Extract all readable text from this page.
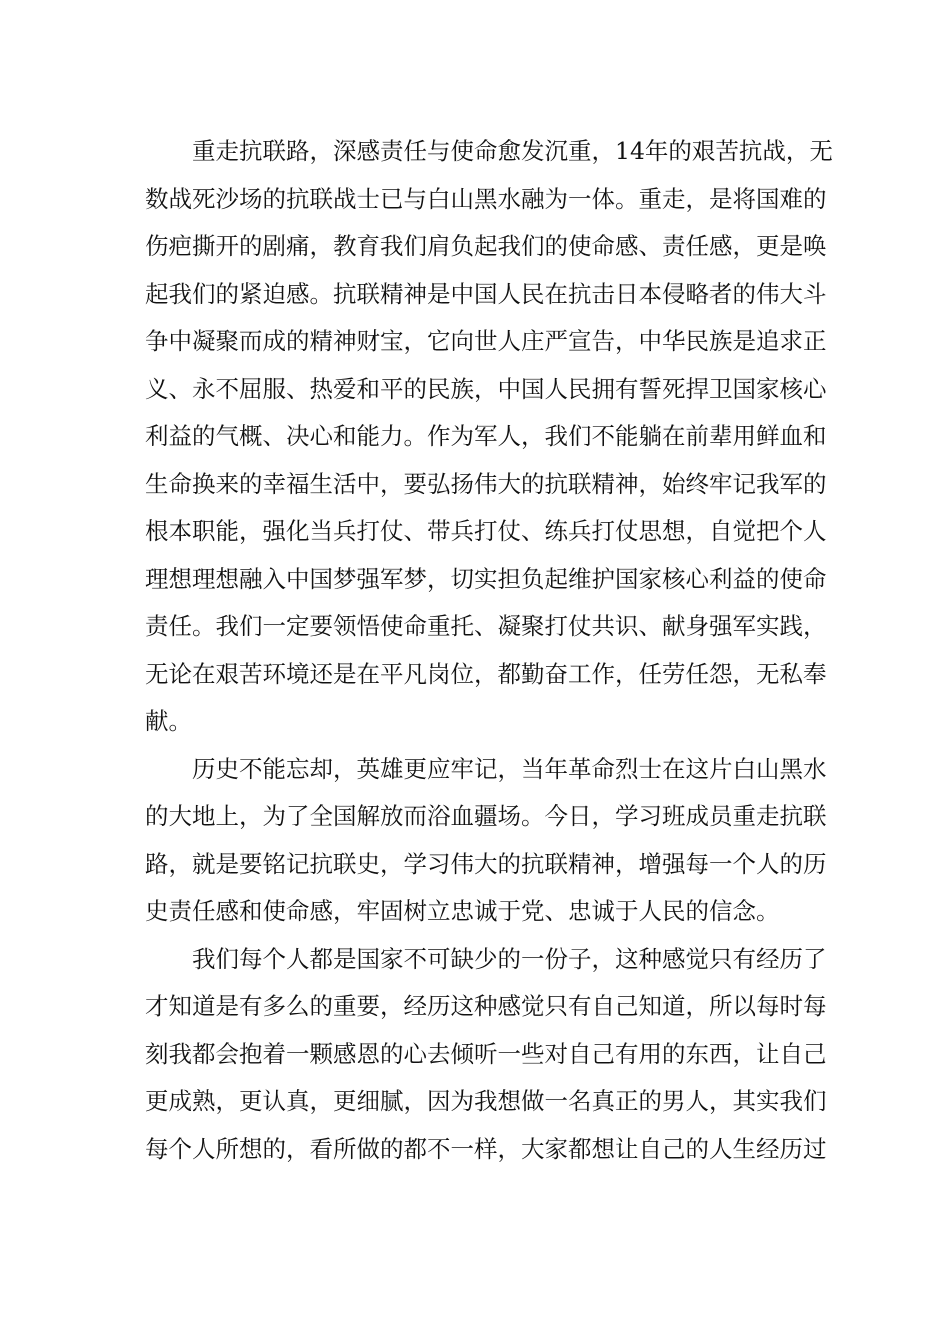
重走抗联路，深感责任与使命愈发沉重，14年的艰苦抗战，无
数战死沙场的抗联战士已与白山黑水融为一体。重走，是将国难的
伤疤撕开的剧痛，教育我们肩负起我们的使命感、责任感，更是唤
起我们的紧迫感。抗联精神是中国人民在抗击日本侵略者的伟大斗
争中凝聚而成的精神财宝，它向世人庄严宣告，中华民族是追求正
义、永不屈服、热爱和平的民族，中国人民拥有誓死捍卫国家核心
利益的气概、决心和能力。作为军人，我们不能躺在前辈用鲜血和
生命换来的幸福生活中，要弘扬伟大的抗联精神，始终牢记我军的
根本职能，强化当兵打仗、带兵打仗、练兵打仗思想，自觉把个人
理想理想融入中国梦强军梦，切实担负起维护国家核心利益的使命
责任。我们一定要领悟使命重托、凝聚打仗共识、献身强军实践，
无论在艰苦环境还是在平凡岗位，都勤奋工作，任劳任怨，无私奉
献。
历史不能忘却，英雄更应牢记，当年革命烈士在这片白山黑水
的大地上，为了全国解放而浴血疆场。今日，学习班成员重走抗联
路，就是要铭记抗联史，学习伟大的抗联精神，增强每一个人的历
史责任感和使命感，牢固树立忠诚于党、忠诚于人民的信念。
我们每个人都是国家不可缺少的一份子，这种感觉只有经历了
才知道是有多么的重要，经历这种感觉只有自己知道，所以每时每
刻我都会抱着一颗感恩的心去倾听一些对自己有用的东西，让自己
更成熟，更认真，更细腻，因为我想做一名真正的男人，其实我们
每个人所想的，看所做的都不一样，大家都想让自己的人生经历过
